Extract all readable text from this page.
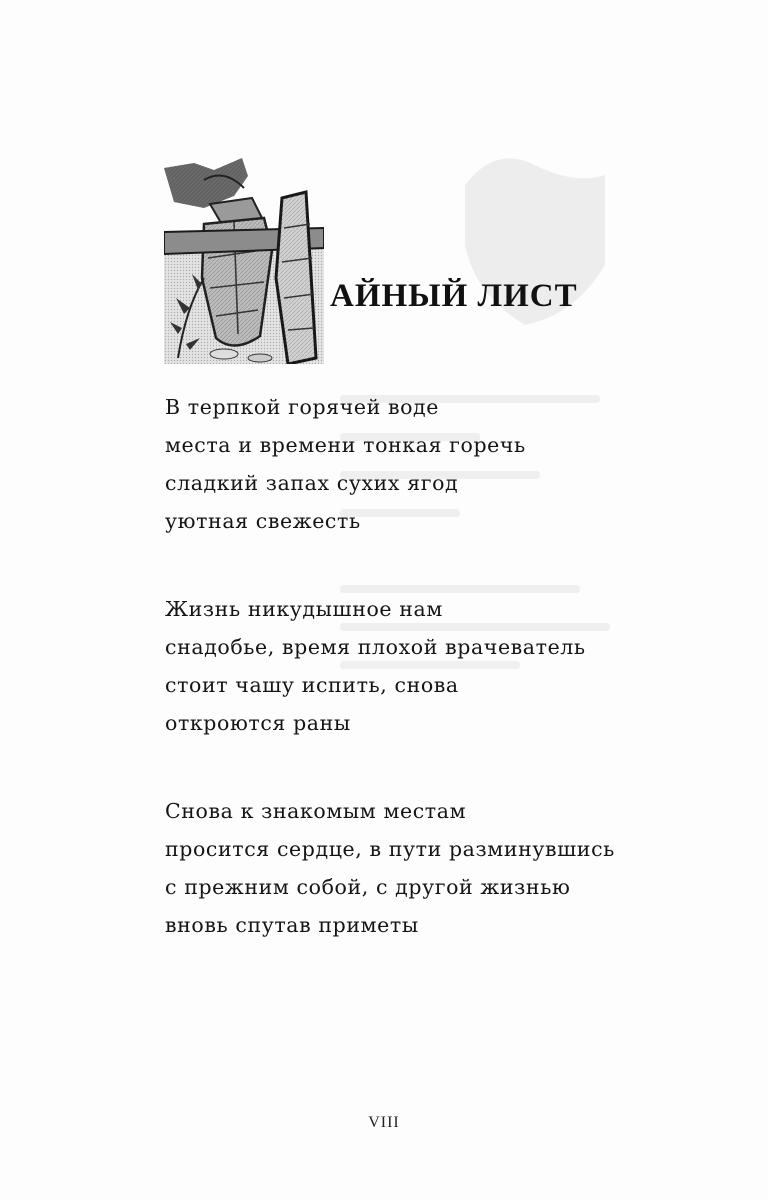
АЙНЫЙ ЛИСТ
В терпкой горячей воде
места и времени тонкая горечь
сладкий запах сухих ягод
уютная свежесть
Жизнь никудышное нам
снадобье, время плохой врачеватель
стоит чашу испить, снова
откроются раны
Снова к знакомым местам
просится сердце, в пути разминувшись
с прежним собой, с другой жизнью
вновь спутав приметы
VIII
